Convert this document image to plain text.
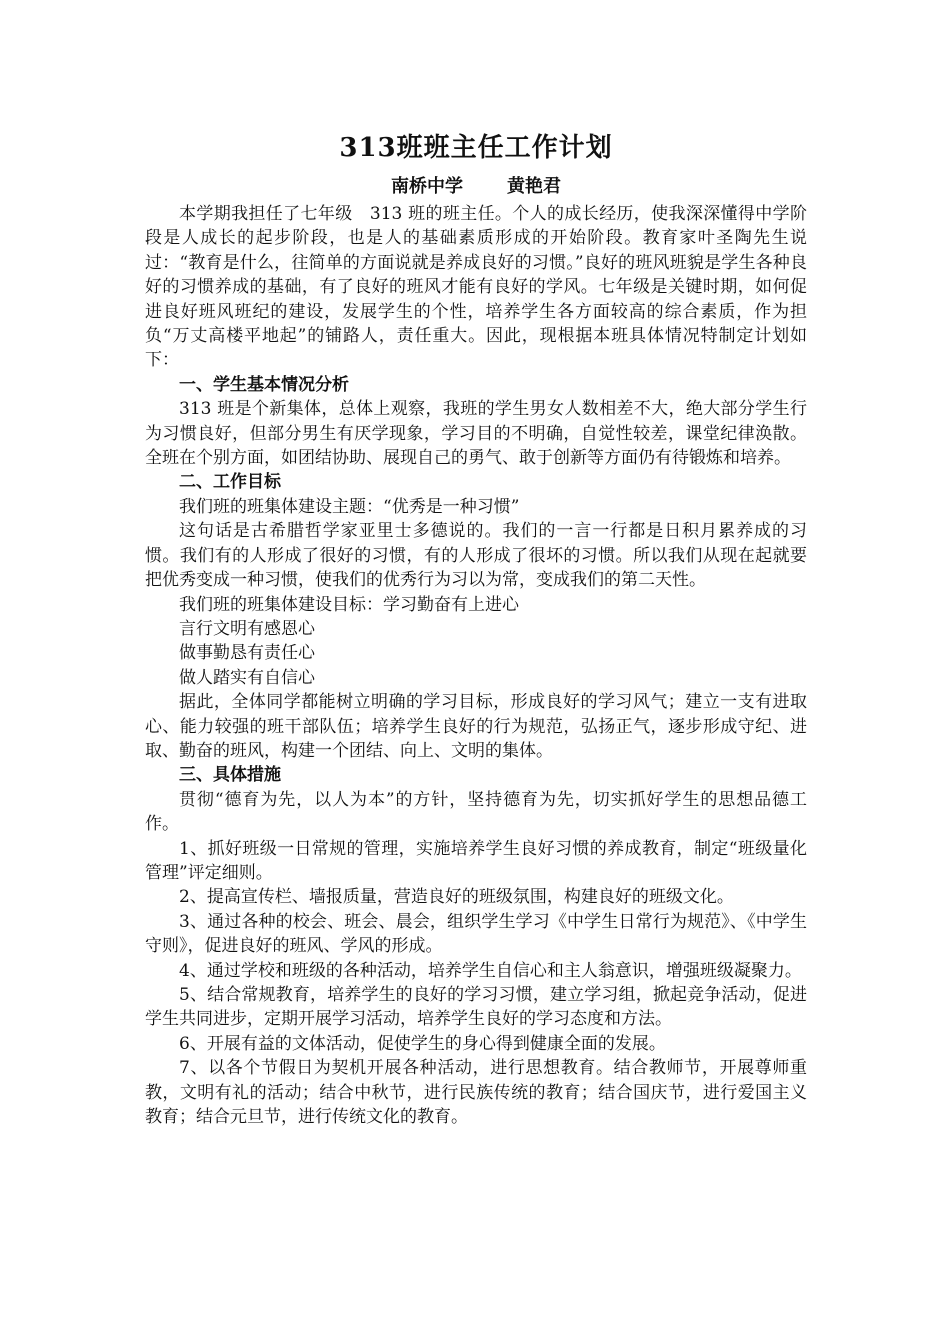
313班班主任工作计划
南桥中学 黄艳君

本学期我担任了七年级　313 班的班主任。个人的成长经历，使我深深懂得中学阶段是人成长的起步阶段，也是人的基础素质形成的开始阶段。教育家叶圣陶先生说过：“教育是什么，往简单的方面说就是养成良好的习惯。”良好的班风班貌是学生各种良好的习惯养成的基础，有了良好的班风才能有良好的学风。七年级是关键时期，如何促进良好班风班纪的建设，发展学生的个性，培养学生各方面较高的综合素质，作为担负“万丈高楼平地起”的铺路人，责任重大。因此，现根据本班具体情况特制定计划如下：

一、学生基本情况分析

313 班是个新集体，总体上观察，我班的学生男女人数相差不大，绝大部分学生行为习惯良好，但部分男生有厌学现象，学习目的不明确，自觉性较差，课堂纪律涣散。全班在个别方面，如团结协助、展现自己的勇气、敢于创新等方面仍有待锻炼和培养。

二、工作目标

我们班的班集体建设主题：“优秀是一种习惯”

这句话是古希腊哲学家亚里士多德说的。我们的一言一行都是日积月累养成的习惯。我们有的人形成了很好的习惯，有的人形成了很坏的习惯。所以我们从现在起就要把优秀变成一种习惯，使我们的优秀行为习以为常，变成我们的第二天性。

我们班的班集体建设目标：学习勤奋有上进心

言行文明有感恩心

做事勤恳有责任心

做人踏实有自信心

据此，全体同学都能树立明确的学习目标，形成良好的学习风气；建立一支有进取心、能力较强的班干部队伍；培养学生良好的行为规范，弘扬正气，逐步形成守纪、进取、勤奋的班风，构建一个团结、向上、文明的集体。

三、具体措施

贯彻“德育为先，以人为本”的方针，坚持德育为先，切实抓好学生的思想品德工作。

1、抓好班级一日常规的管理，实施培养学生良好习惯的养成教育，制定“班级量化管理”评定细则。

2、提高宣传栏、墙报质量，营造良好的班级氛围，构建良好的班级文化。

3、通过各种的校会、班会、晨会，组织学生学习《中学生日常行为规范》、《中学生守则》，促进良好的班风、学风的形成。

4、通过学校和班级的各种活动，培养学生自信心和主人翁意识，增强班级凝聚力。

5、结合常规教育，培养学生的良好的学习习惯，建立学习组，掀起竞争活动，促进学生共同进步，定期开展学习活动，培养学生良好的学习态度和方法。

6、开展有益的文体活动，促使学生的身心得到健康全面的发展。

7、以各个节假日为契机开展各种活动，进行思想教育。结合教师节，开展尊师重教，文明有礼的活动；结合中秋节，进行民族传统的教育；结合国庆节，进行爱国主义教育；结合元旦节，进行传统文化的教育。
